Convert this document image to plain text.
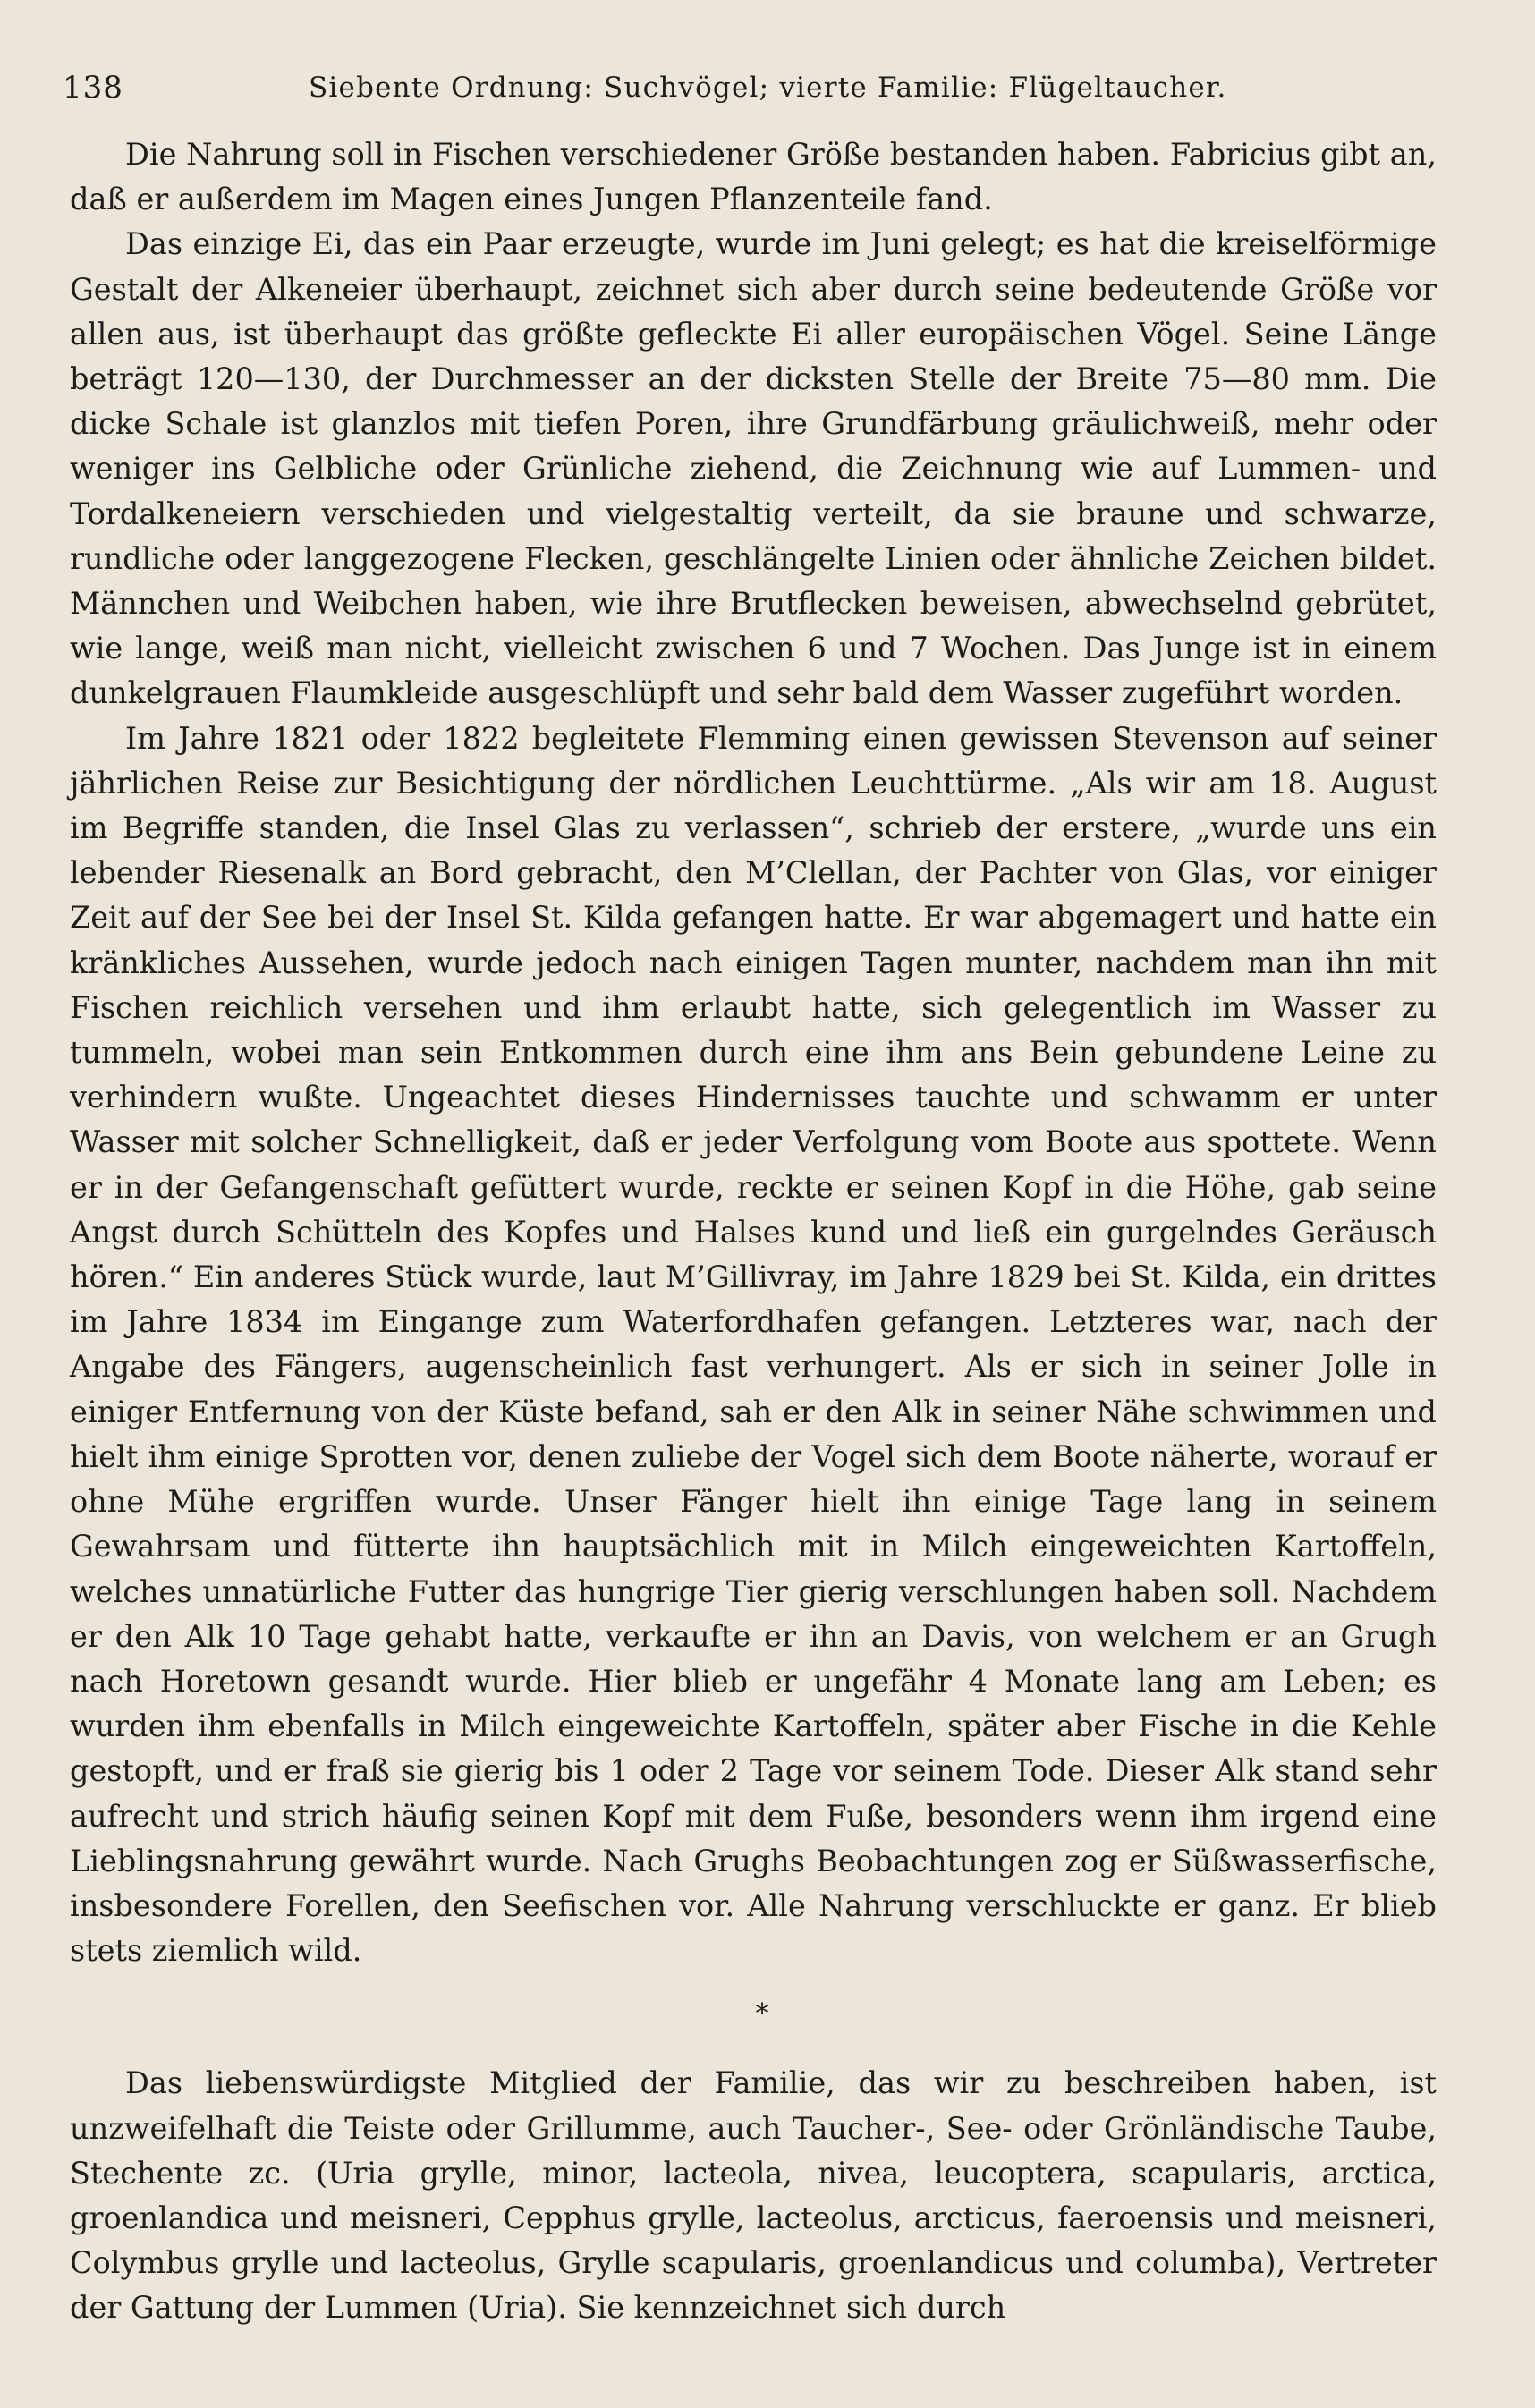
138	Siebente Ordnung: Suchvögel; vierte Familie: Flügeltaucher.

Die Nahrung soll in Fischen verschiedener Größe bestanden haben. Fabricius gibt an, daß er außerdem im Magen eines Jungen Pflanzenteile fand.

Das einzige Ei, das ein Paar erzeugte, wurde im Juni gelegt; es hat die kreiselförmige Gestalt der Alkeneier überhaupt, zeichnet sich aber durch seine bedeutende Größe vor allen aus, ist überhaupt das größte gefleckte Ei aller europäischen Vögel. Seine Länge beträgt 120—130, der Durchmesser an der dicksten Stelle der Breite 75—80 mm. Die dicke Schale ist glanzlos mit tiefen Poren, ihre Grundfärbung gräulichweiß, mehr oder weniger ins Gelbliche oder Grünliche ziehend, die Zeichnung wie auf Lummen- und Tordalkeneiern verschieden und vielgestaltig verteilt, da sie braune und schwarze, rundliche oder langgezogene Flecken, geschlängelte Linien oder ähnliche Zeichen bildet. Männchen und Weibchen haben, wie ihre Brutflecken beweisen, abwechselnd gebrütet, wie lange, weiß man nicht, vielleicht zwischen 6 und 7 Wochen. Das Junge ist in einem dunkelgrauen Flaumkleide ausgeschlüpft und sehr bald dem Wasser zugeführt worden.

Im Jahre 1821 oder 1822 begleitete Flemming einen gewissen Stevenson auf seiner jährlichen Reise zur Besichtigung der nördlichen Leuchttürme. „Als wir am 18. August im Begriffe standen, die Insel Glas zu verlassen“, schrieb der erstere, „wurde uns ein lebender Riesenalk an Bord gebracht, den M’Clellan, der Pachter von Glas, vor einiger Zeit auf der See bei der Insel St. Kilda gefangen hatte. Er war abgemagert und hatte ein kränkliches Aussehen, wurde jedoch nach einigen Tagen munter, nachdem man ihn mit Fischen reichlich versehen und ihm erlaubt hatte, sich gelegentlich im Wasser zu tummeln, wobei man sein Entkommen durch eine ihm ans Bein gebundene Leine zu verhindern wußte. Ungeachtet dieses Hindernisses tauchte und schwamm er unter Wasser mit solcher Schnelligkeit, daß er jeder Verfolgung vom Boote aus spottete. Wenn er in der Gefangenschaft gefüttert wurde, reckte er seinen Kopf in die Höhe, gab seine Angst durch Schütteln des Kopfes und Halses kund und ließ ein gurgelndes Geräusch hören.“ Ein anderes Stück wurde, laut M’Gillivray, im Jahre 1829 bei St. Kilda, ein drittes im Jahre 1834 im Eingange zum Waterfordhafen gefangen. Letzteres war, nach der Angabe des Fängers, augenscheinlich fast verhungert. Als er sich in seiner Jolle in einiger Entfernung von der Küste befand, sah er den Alk in seiner Nähe schwimmen und hielt ihm einige Sprotten vor, denen zuliebe der Vogel sich dem Boote näherte, worauf er ohne Mühe ergriffen wurde. Unser Fänger hielt ihn einige Tage lang in seinem Gewahrsam und fütterte ihn hauptsächlich mit in Milch eingeweichten Kartoffeln, welches unnatürliche Futter das hungrige Tier gierig verschlungen haben soll. Nachdem er den Alk 10 Tage gehabt hatte, verkaufte er ihn an Davis, von welchem er an Grugh nach Horetown gesandt wurde. Hier blieb er ungefähr 4 Monate lang am Leben; es wurden ihm ebenfalls in Milch eingeweichte Kartoffeln, später aber Fische in die Kehle gestopft, und er fraß sie gierig bis 1 oder 2 Tage vor seinem Tode. Dieser Alk stand sehr aufrecht und strich häufig seinen Kopf mit dem Fuße, besonders wenn ihm irgend eine Lieblingsnahrung gewährt wurde. Nach Grughs Beobachtungen zog er Süßwasserfische, insbesondere Forellen, den Seefischen vor. Alle Nahrung verschluckte er ganz. Er blieb stets ziemlich wild.

*

Das liebenswürdigste Mitglied der Familie, das wir zu beschreiben haben, ist unzweifelhaft die Teiste oder Grillumme, auch Taucher-, See- oder Grönländische Taube, Stechente zc. (Uria grylle, minor, lacteola, nivea, leucoptera, scapularis, arctica, groenlandica und meisneri, Cepphus grylle, lacteolus, arcticus, faeroensis und meisneri, Colymbus grylle und lacteolus, Grylle scapularis, groenlandicus und columba), Vertreter der Gattung der Lummen (Uria). Sie kennzeichnet sich durch
